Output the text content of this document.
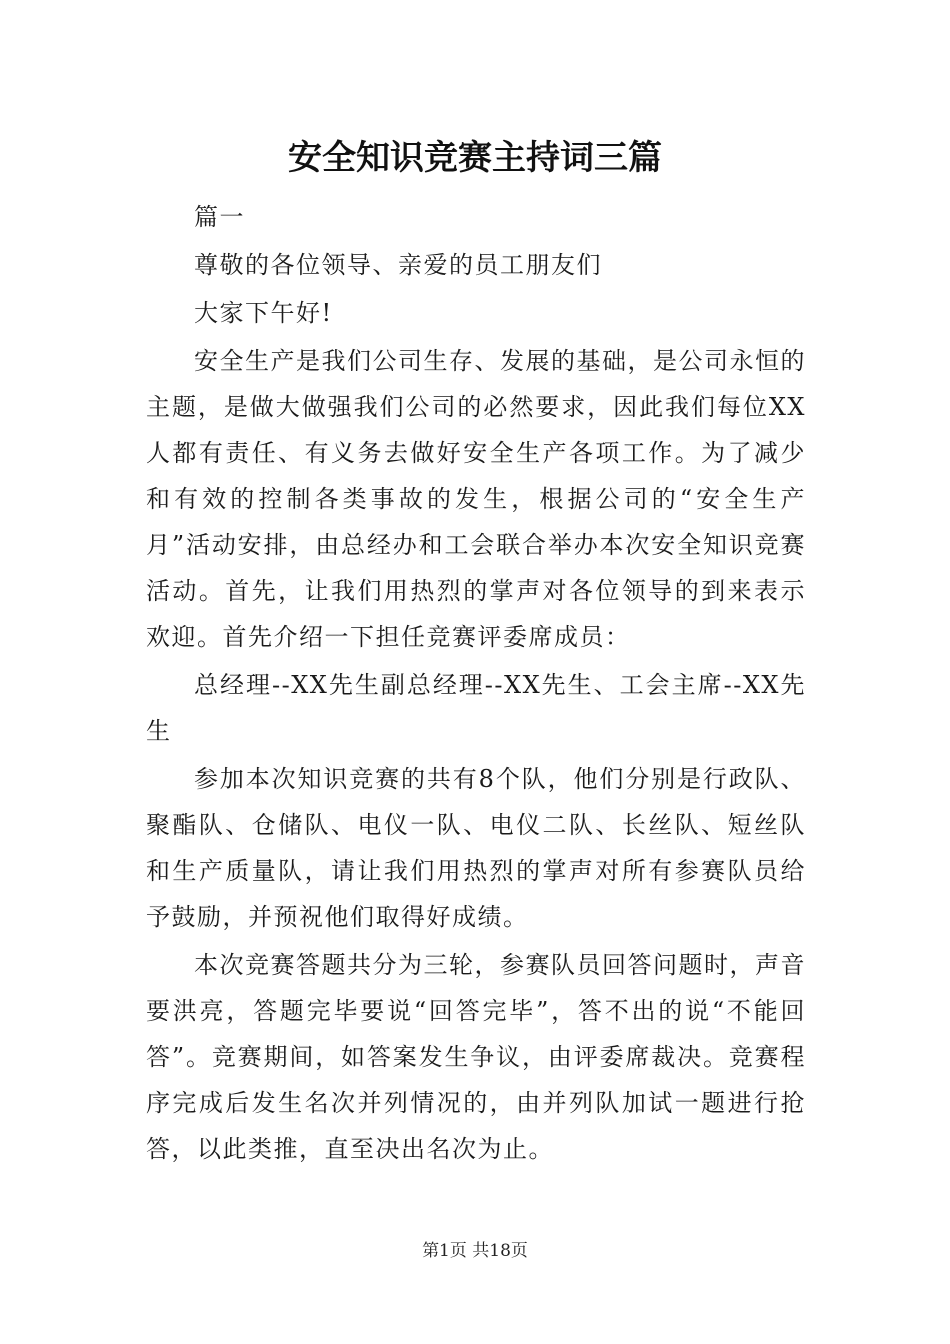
安全知识竞赛主持词三篇

篇一

尊敬的各位领导、亲爱的员工朋友们

大家下午好!

安全生产是我们公司生存、发展的基础，是公司永恒的主题，是做大做强我们公司的必然要求，因此我们每位XX人都有责任、有义务去做好安全生产各项工作。为了减少和有效的控制各类事故的发生，根据公司的“安全生产月”活动安排，由总经办和工会联合举办本次安全知识竞赛活动。首先，让我们用热烈的掌声对各位领导的到来表示欢迎。首先介绍一下担任竞赛评委席成员：

总经理--XX先生副总经理--XX先生、工会主席--XX先生

参加本次知识竞赛的共有8个队，他们分别是行政队、聚酯队、仓储队、电仪一队、电仪二队、长丝队、短丝队和生产质量队，请让我们用热烈的掌声对所有参赛队员给予鼓励，并预祝他们取得好成绩。

本次竞赛答题共分为三轮，参赛队员回答问题时，声音要洪亮，答题完毕要说“回答完毕”，答不出的说“不能回答”。竞赛期间，如答案发生争议，由评委席裁决。竞赛程序完成后发生名次并列情况的，由并列队加试一题进行抢答，以此类推，直至决出名次为止。

第1页 共18页
